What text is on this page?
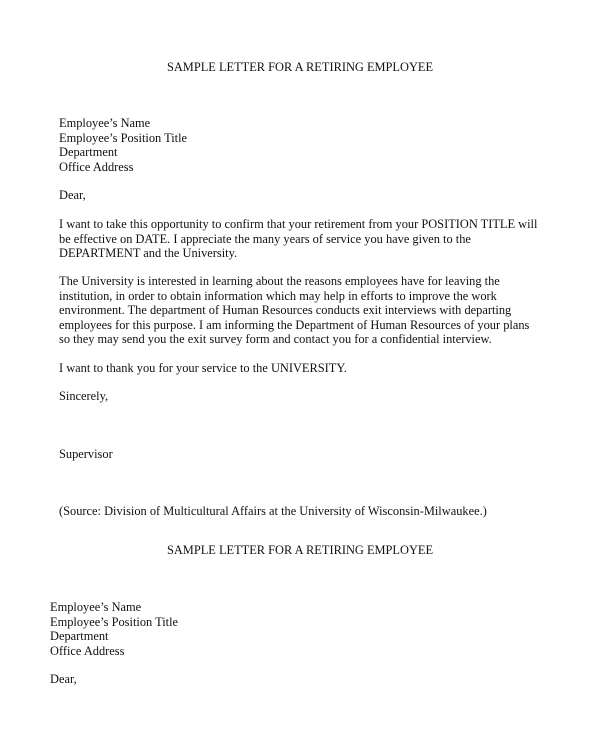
SAMPLE LETTER FOR A RETIRING EMPLOYEE
Employee’s Name
Employee’s Position Title
Department
Office Address
Dear,
I want to take this opportunity to confirm that your retirement from your POSITION TITLE will
be effective on DATE. I appreciate the many years of service you have given to the
DEPARTMENT and the University.
The University is interested in learning about the reasons employees have for leaving the
institution, in order to obtain information which may help in efforts to improve the work
environment. The department of Human Resources conducts exit interviews with departing
employees for this purpose. I am informing the Department of Human Resources of your plans
so they may send you the exit survey form and contact you for a confidential interview.
I want to thank you for your service to the UNIVERSITY.
Sincerely,
Supervisor
(Source: Division of Multicultural Affairs at the University of Wisconsin-Milwaukee.)
SAMPLE LETTER FOR A RETIRING EMPLOYEE
Employee’s Name
Employee’s Position Title
Department
Office Address
Dear,
